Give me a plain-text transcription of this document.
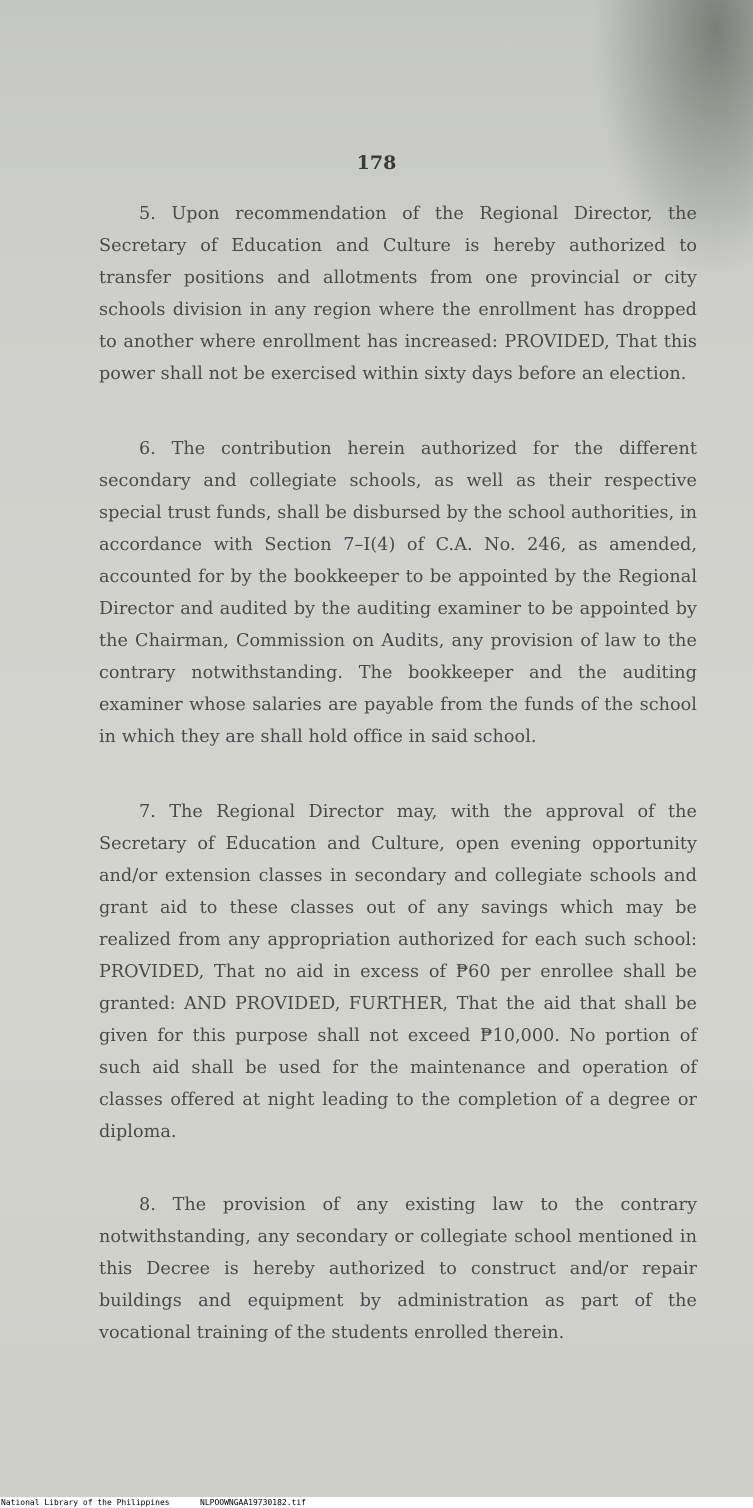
178

5. Upon recommendation of the Regional Director, the Secretary of Education and Culture is hereby authorized to transfer positions and allotments from one provincial or city schools division in any region where the enrollment has dropped to another where enrollment has increased: PROVIDED, That this power shall not be exercised within sixty days before an election.

6. The contribution herein authorized for the different secondary and collegiate schools, as well as their respective special trust funds, shall be disbursed by the school authorities, in accordance with Section 7–I(4) of C.A. No. 246, as amended, accounted for by the bookkeeper to be appointed by the Regional Director and audited by the auditing examiner to be appointed by the Chairman, Commission on Audits, any provision of law to the contrary notwithstanding. The bookkeeper and the auditing examiner whose salaries are payable from the funds of the school in which they are shall hold office in said school.

7. The Regional Director may, with the approval of the Secretary of Education and Culture, open evening opportunity and/or extension classes in secondary and collegiate schools and grant aid to these classes out of any savings which may be realized from any appropriation authorized for each such school: PROVIDED, That no aid in excess of ₱60 per enrollee shall be granted: AND PROVIDED, FURTHER, That the aid that shall be given for this purpose shall not exceed ₱10,000. No portion of such aid shall be used for the maintenance and operation of classes offered at night leading to the completion of a degree or diploma.

8. The provision of any existing law to the contrary notwithstanding, any secondary or collegiate school mentioned in this Decree is hereby authorized to construct and/or repair buildings and equipment by administration as part of the vocational training of the students enrolled therein.

National Library of the Philippines	NLPOOWNGAA19730182.tif
